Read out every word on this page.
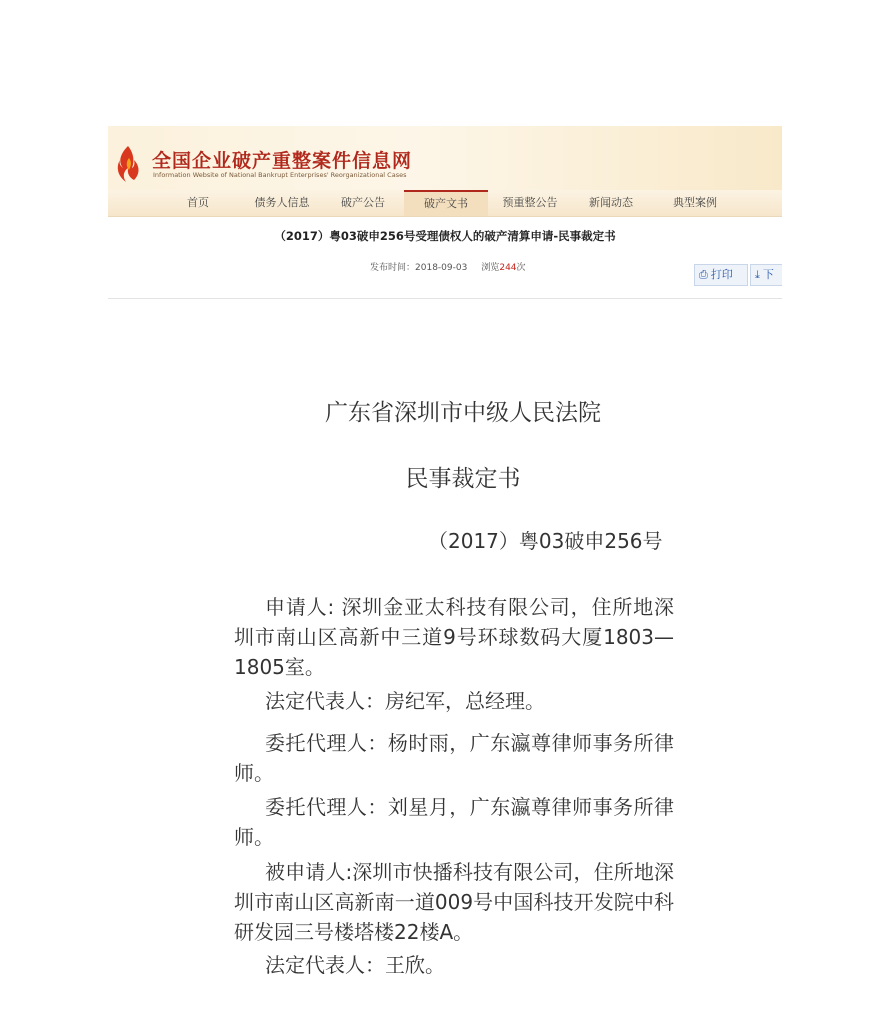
全国企业破产重整案件信息网
Information Website of National Bankrupt Enterprises' Reorganizational Cases
首页	债务人信息	破产公告	破产文书	预重整公告	新闻动态	典型案例
（2017）粤03破申256号受理债权人的破产清算申请-民事裁定书
发布时间：2018-09-03 浏览244次	⎙ 打印	⤓ 下
广东省深圳市中级人民法院
民事裁定书
（2017）粤03破申256号
申请人: 深圳金亚太科技有限公司，住所地深圳市南山区高新中三道9号环球数码大厦1803—1805室。
法定代表人：房纪军，总经理。
委托代理人：杨时雨，广东瀛尊律师事务所律师。
委托代理人：刘星月，广东瀛尊律师事务所律师。
被申请人:深圳市快播科技有限公司，住所地深圳市南山区高新南一道009号中国科技开发院中科研发园三号楼塔楼22楼A。
法定代表人：王欣。
